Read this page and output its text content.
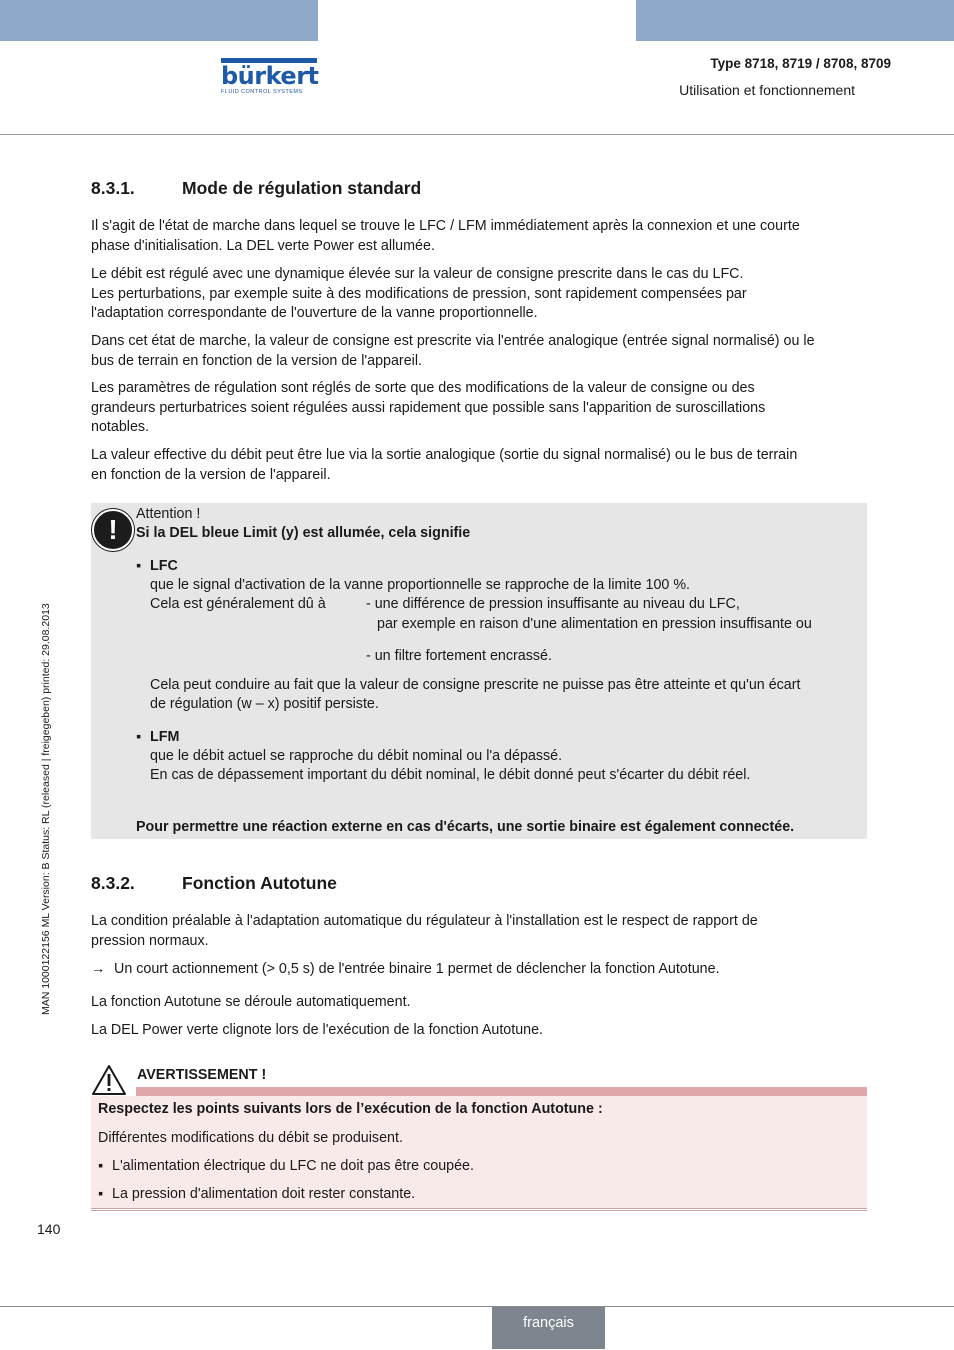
bürkert
FLUID CONTROL SYSTEMS
Type 8718, 8719 / 8708, 8709
Utilisation et fonctionnement
MAN 1000122156 ML Version: B Status: RL (released | freigegeben) printed: 29.08.2013
8.3.1.	Mode de régulation standard

Il s'agit de l'état de marche dans lequel se trouve le LFC / LFM immédiatement après la connexion et une courte
phase d'initialisation. La DEL verte Power est allumée.

Le débit est régulé avec une dynamique élevée sur la valeur de consigne prescrite dans le cas du LFC.
Les perturbations, par exemple suite à des modifications de pression, sont rapidement compensées par
l'adaptation correspondante de l'ouverture de la vanne proportionnelle.

Dans cet état de marche, la valeur de consigne est prescrite via l'entrée analogique (entrée signal normalisé) ou le
bus de terrain en fonction de la version de l'appareil.

Les paramètres de régulation sont réglés de sorte que des modifications de la valeur de consigne ou des
grandeurs perturbatrices soient régulées aussi rapidement que possible sans l'apparition de suroscillations
notables.

La valeur effective du débit peut être lue via la sortie analogique (sortie du signal normalisé) ou le bus de terrain
en fonction de la version de l'appareil.

!	Attention !
Si la DEL bleue Limit (y) est allumée, cela signifie
▪ LFC
que le signal d'activation de la vanne proportionnelle se rapproche de la limite 100 %.
Cela est généralement dû à	- une différence de pression insuffisante au niveau du LFC,
par exemple en raison d'une alimentation en pression insuffisante ou
- un filtre fortement encrassé.
Cela peut conduire au fait que la valeur de consigne prescrite ne puisse pas être atteinte et qu'un écart
de régulation (w – x) positif persiste.
▪ LFM
que le débit actuel se rapproche du débit nominal ou l'a dépassé.
En cas de dépassement important du débit nominal, le débit donné peut s'écarter du débit réel.
Pour permettre une réaction externe en cas d'écarts, une sortie binaire est également connectée.
8.3.2.	Fonction Autotune

La condition préalable à l'adaptation automatique du régulateur à l'installation est le respect de rapport de
pression normaux.

→ Un court actionnement (> 0,5 s) de l'entrée binaire 1 permet de déclencher la fonction Autotune.
La fonction Autotune se déroule automatiquement.
La DEL Power verte clignote lors de l'exécution de la fonction Autotune.
AVERTISSEMENT !
Respectez les points suivants lors de l’exécution de la fonction Autotune :
Différentes modifications du débit se produisent.
▪ L'alimentation électrique du LFC ne doit pas être coupée.
▪ La pression d'alimentation doit rester constante.
140
français
